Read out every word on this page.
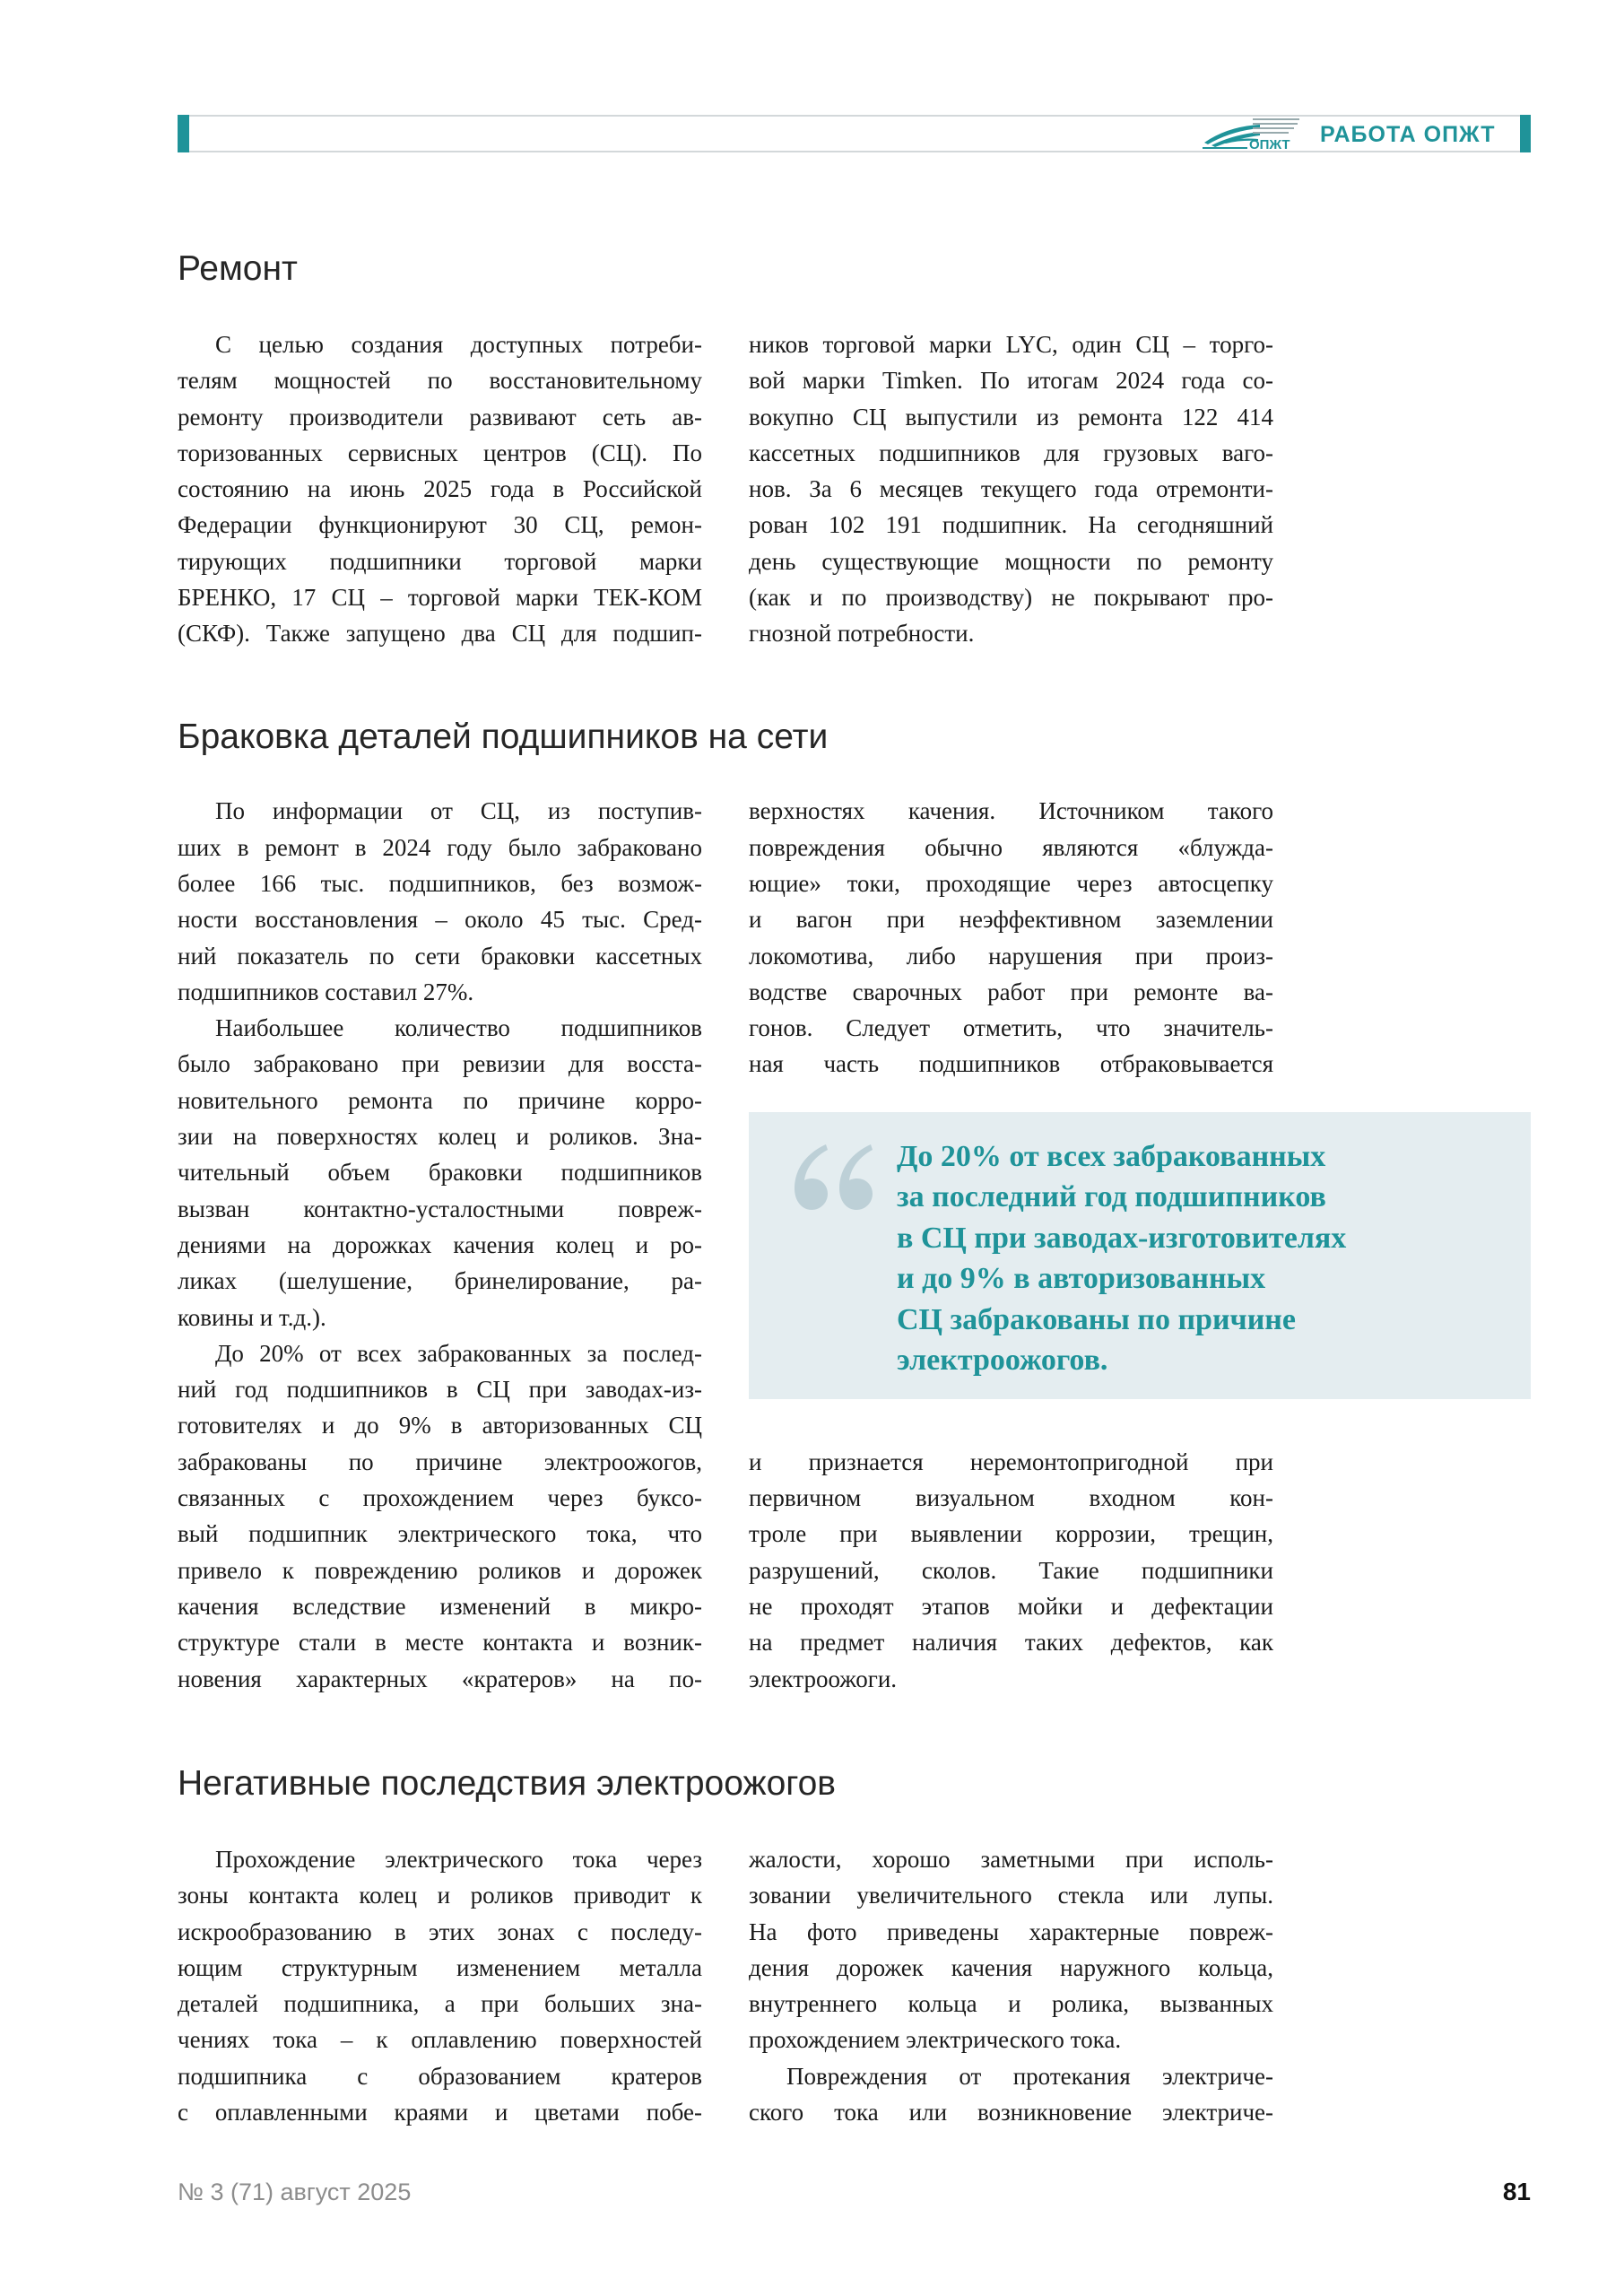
ОПЖТ РАБОТА ОПЖТ
Ремонт
С целью создания доступных потреби-
телям мощностей по восстановительному
ремонту производители развивают сеть ав-
торизованных сервисных центров (СЦ). По
состоянию на июнь 2025 года в Российской
Федерации функционируют 30 СЦ, ремон-
тирующих подшипники торговой марки
БРЕНКО, 17 СЦ – торговой марки ТЕК-КОМ
(СКФ). Также запущено два СЦ для подшип-
ников торговой марки LYC, один СЦ – торго-
вой марки Timken. По итогам 2024 года со-
вокупно СЦ выпустили из ремонта 122 414
кассетных подшипников для грузовых ваго-
нов. За 6 месяцев текущего года отремонти-
рован 102 191 подшипник. На сегодняшний
день существующие мощности по ремонту
(как и по производству) не покрывают про-
гнозной потребности.
Браковка деталей подшипников на сети
По информации от СЦ, из поступив-
ших в ремонт в 2024 году было забраковано
более 166 тыс. подшипников, без возмож-
ности восстановления – около 45 тыс. Сред-
ний показатель по сети браковки кассетных
подшипников составил 27%.
Наибольшее количество подшипников
было забраковано при ревизии для восста-
новительного ремонта по причине корро-
зии на поверхностях колец и роликов. Зна-
чительный объем браковки подшипников
вызван контактно-усталостными повреж-
дениями на дорожках качения колец и ро-
ликах (шелушение, бринелирование, ра-
ковины и т.д.).
До 20% от всех забракованных за послед-
ний год подшипников в СЦ при заводах-из-
готовителях и до 9% в авторизованных СЦ
забракованы по причине электроожогов,
связанных с прохождением через буксо-
вый подшипник электрического тока, что
привело к повреждению роликов и дорожек
качения вследствие изменений в микро-
структуре стали в месте контакта и возник-
новения характерных «кратеров» на по-
верхностях качения. Источником такого
повреждения обычно являются «блужда-
ющие» токи, проходящие через автосцепку
и вагон при неэффективном заземлении
локомотива, либо нарушения при произ-
водстве сварочных работ при ремонте ва-
гонов. Следует отметить, что значитель-
ная часть подшипников отбраковывается
До 20% от всех забракованных
за последний год подшипников
в СЦ при заводах-изготовителях
и до 9% в авторизованных
СЦ забракованы по причине
электроожогов.
и признается неремонтопригодной при
первичном визуальном входном кон-
троле при выявлении коррозии, трещин,
разрушений, сколов. Такие подшипники
не проходят этапов мойки и дефектации
на предмет наличия таких дефектов, как
электроожоги.
Негативные последствия электроожогов
Прохождение электрического тока через
зоны контакта колец и роликов приводит к
искрообразованию в этих зонах с последу-
ющим структурным изменением металла
деталей подшипника, а при больших зна-
чениях тока – к оплавлению поверхностей
подшипника с образованием кратеров
с оплавленными краями и цветами побе-
жалости, хорошо заметными при исполь-
зовании увеличительного стекла или лупы.
На фото приведены характерные повреж-
дения дорожек качения наружного кольца,
внутреннего кольца и ролика, вызванных
прохождением электрического тока.
Повреждения от протекания электриче-
ского тока или возникновение электриче-
№ 3 (71) август 2025	81
